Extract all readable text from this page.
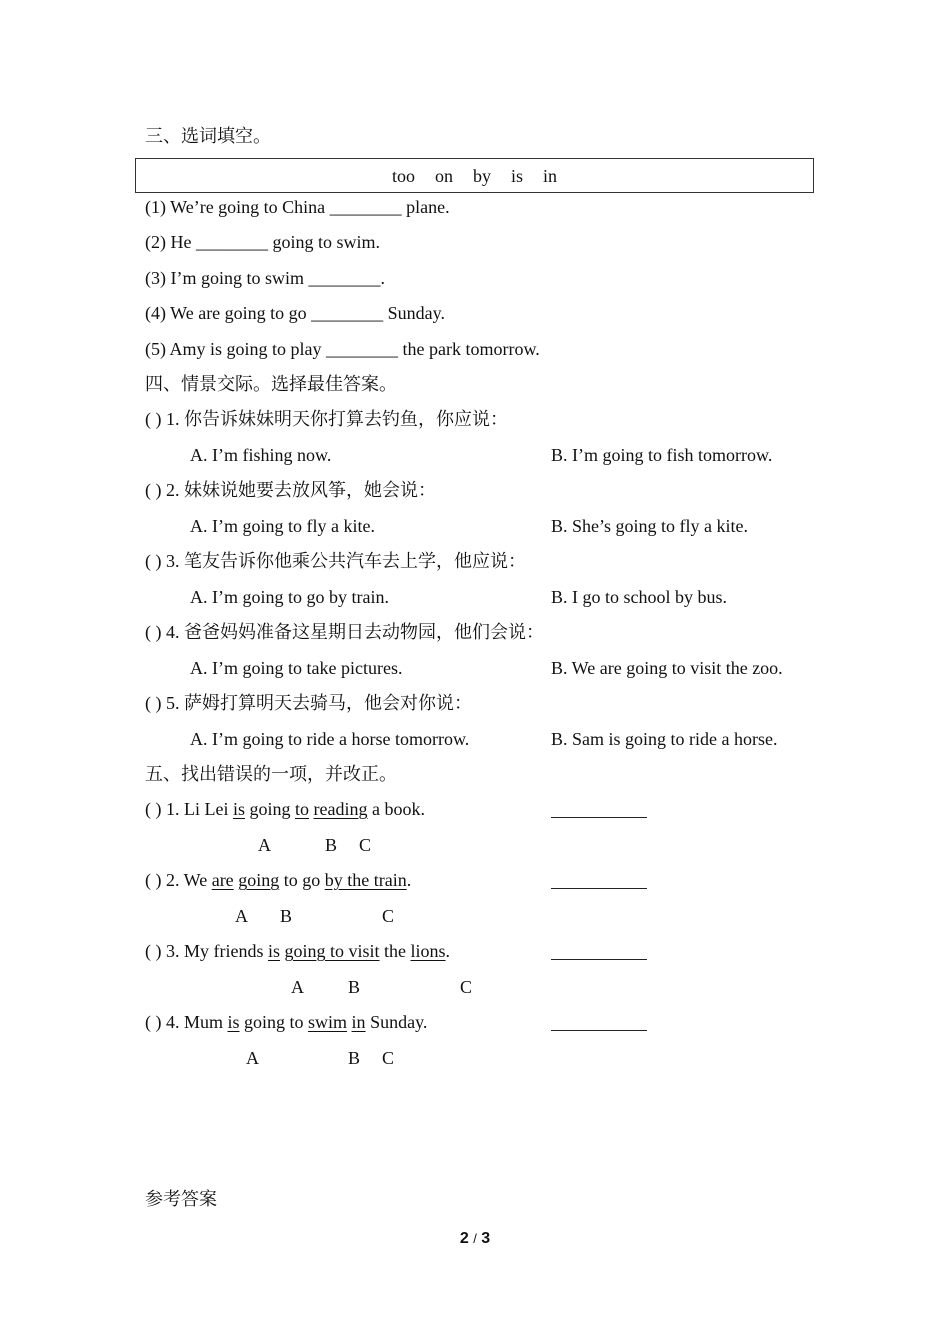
三、选词填空。
too on by is in
(1) We’re going to China ________ plane.
(2) He ________ going to swim.
(3) I’m going to swim ________.
(4) We are going to go ________ Sunday.
(5) Amy is going to play ________ the park tomorrow.
四、情景交际。选择最佳答案。
( ) 1. 你告诉妹妹明天你打算去钓鱼，你应说：
A. I’m fishing now.	B. I’m going to fish tomorrow.
( ) 2. 妹妹说她要去放风筝，她会说：
A. I’m going to fly a kite.	B. She’s going to fly a kite.
( ) 3. 笔友告诉你他乘公共汽车去上学，他应说：
A. I’m going to go by train.	B. I go to school by bus.
( ) 4. 爸爸妈妈准备这星期日去动物园，他们会说：
A. I’m going to take pictures.	B. We are going to visit the zoo.
( ) 5. 萨姆打算明天去骑马，他会对你说：
A. I’m going to ride a horse tomorrow.	B. Sam is going to ride a horse.
五、找出错误的一项，并改正。
( ) 1. Li Lei is going to reading a book.
A	B C
( ) 2. We are going to go by the train.
A B	C
( ) 3. My friends is going to visit the lions.
A B	C
( ) 4. Mum is going to swim in Sunday.
A	B C
参考答案
2 / 3
